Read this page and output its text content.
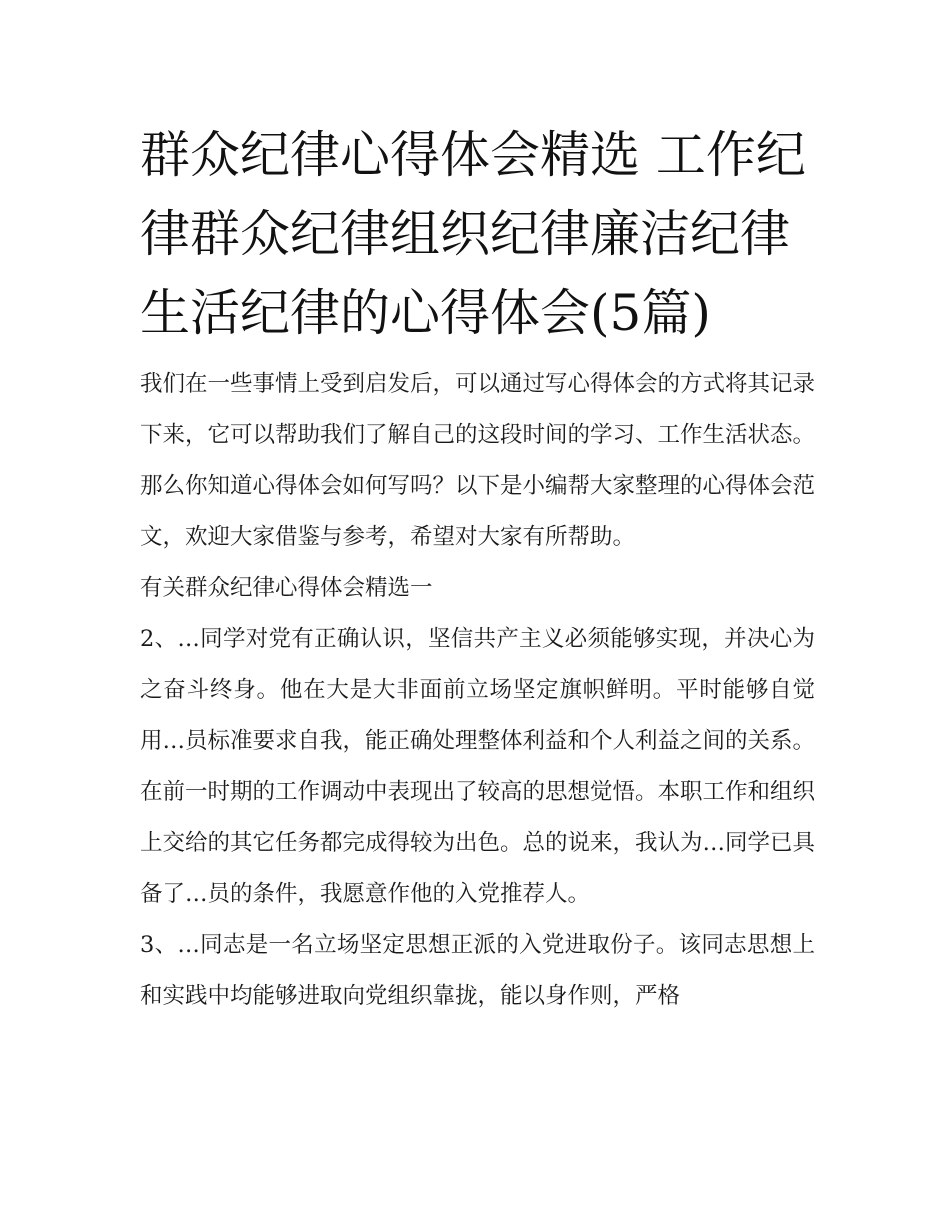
群众纪律心得体会精选 工作纪律群众纪律组织纪律廉洁纪律生活纪律的心得体会(5篇)

我们在一些事情上受到启发后，可以通过写心得体会的方式将其记录下来，它可以帮助我们了解自己的这段时间的学习、工作生活状态。那么你知道心得体会如何写吗？以下是小编帮大家整理的心得体会范文，欢迎大家借鉴与参考，希望对大家有所帮助。

有关群众纪律心得体会精选一

2、…同学对党有正确认识，坚信共产主义必须能够实现，并决心为之奋斗终身。他在大是大非面前立场坚定旗帜鲜明。平时能够自觉用…员标准要求自我，能正确处理整体利益和个人利益之间的关系。在前一时期的工作调动中表现出了较高的思想觉悟。本职工作和组织上交给的其它任务都完成得较为出色。总的说来，我认为…同学已具备了…员的条件，我愿意作他的入党推荐人。

3、…同志是一名立场坚定思想正派的入党进取份子。该同志思想上和实践中均能够进取向党组织靠拢，能以身作则，严格
